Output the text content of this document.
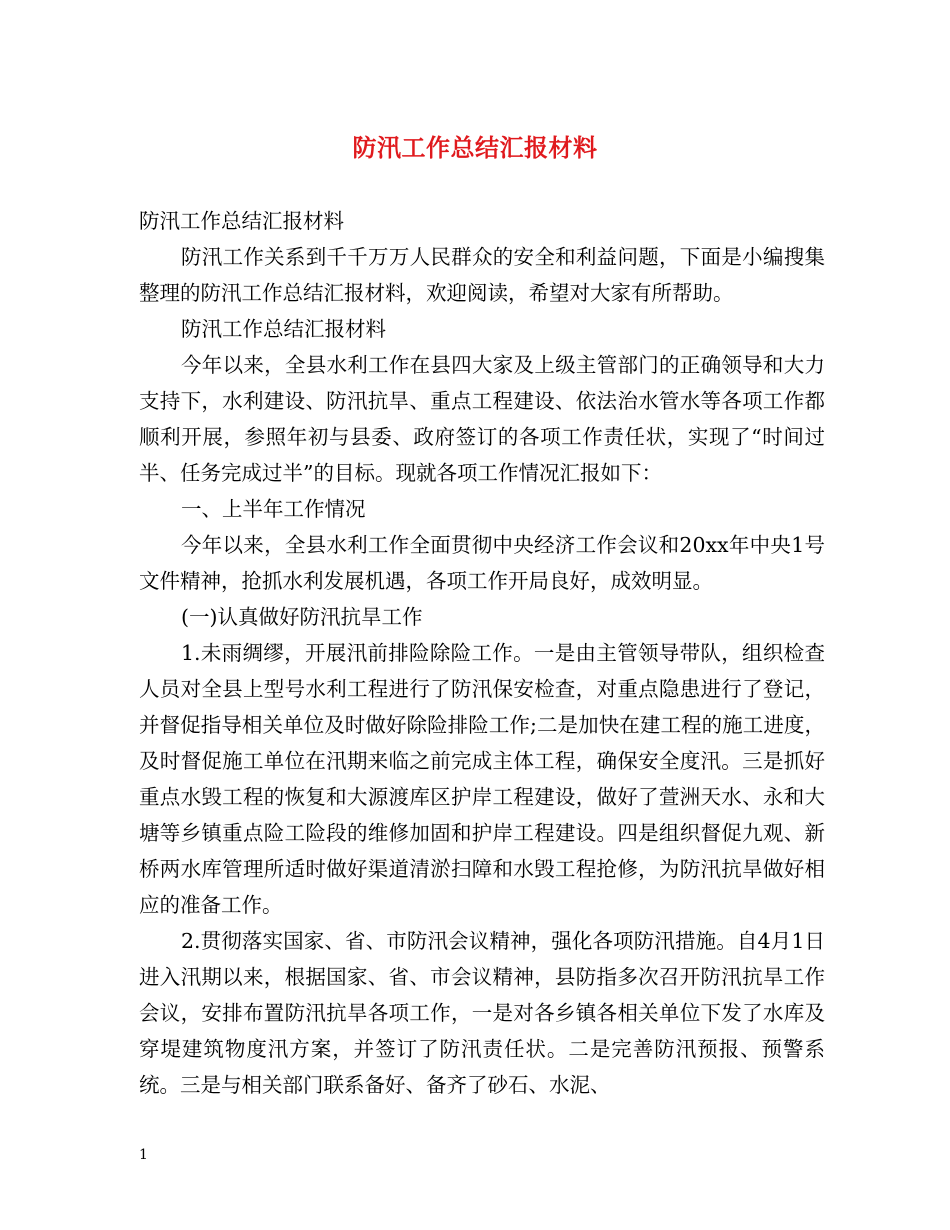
防汛工作总结汇报材料

防汛工作总结汇报材料

防汛工作关系到千千万万人民群众的安全和利益问题，下面是小编搜集整理的防汛工作总结汇报材料，欢迎阅读，希望对大家有所帮助。

防汛工作总结汇报材料

今年以来，全县水利工作在县四大家及上级主管部门的正确领导和大力支持下，水利建设、防汛抗旱、重点工程建设、依法治水管水等各项工作都顺利开展，参照年初与县委、政府签订的各项工作责任状，实现了“时间过半、任务完成过半”的目标。现就各项工作情况汇报如下：

一、上半年工作情况

今年以来，全县水利工作全面贯彻中央经济工作会议和20xx年中央1号文件精神，抢抓水利发展机遇，各项工作开局良好，成效明显。

(一)认真做好防汛抗旱工作

1.未雨绸缪，开展汛前排险除险工作。一是由主管领导带队，组织检查人员对全县上型号水利工程进行了防汛保安检查，对重点隐患进行了登记，并督促指导相关单位及时做好除险排险工作;二是加快在建工程的施工进度，及时督促施工单位在汛期来临之前完成主体工程，确保安全度汛。三是抓好重点水毁工程的恢复和大源渡库区护岸工程建设，做好了萱洲天水、永和大塘等乡镇重点险工险段的维修加固和护岸工程建设。四是组织督促九观、新桥两水库管理所适时做好渠道清淤扫障和水毁工程抢修，为防汛抗旱做好相应的准备工作。

2.贯彻落实国家、省、市防汛会议精神，强化各项防汛措施。自4月1日进入汛期以来，根据国家、省、市会议精神，县防指多次召开防汛抗旱工作会议，安排布置防汛抗旱各项工作，一是对各乡镇各相关单位下发了水库及穿堤建筑物度汛方案，并签订了防汛责任状。二是完善防汛预报、预警系统。三是与相关部门联系备好、备齐了砂石、水泥、

1
